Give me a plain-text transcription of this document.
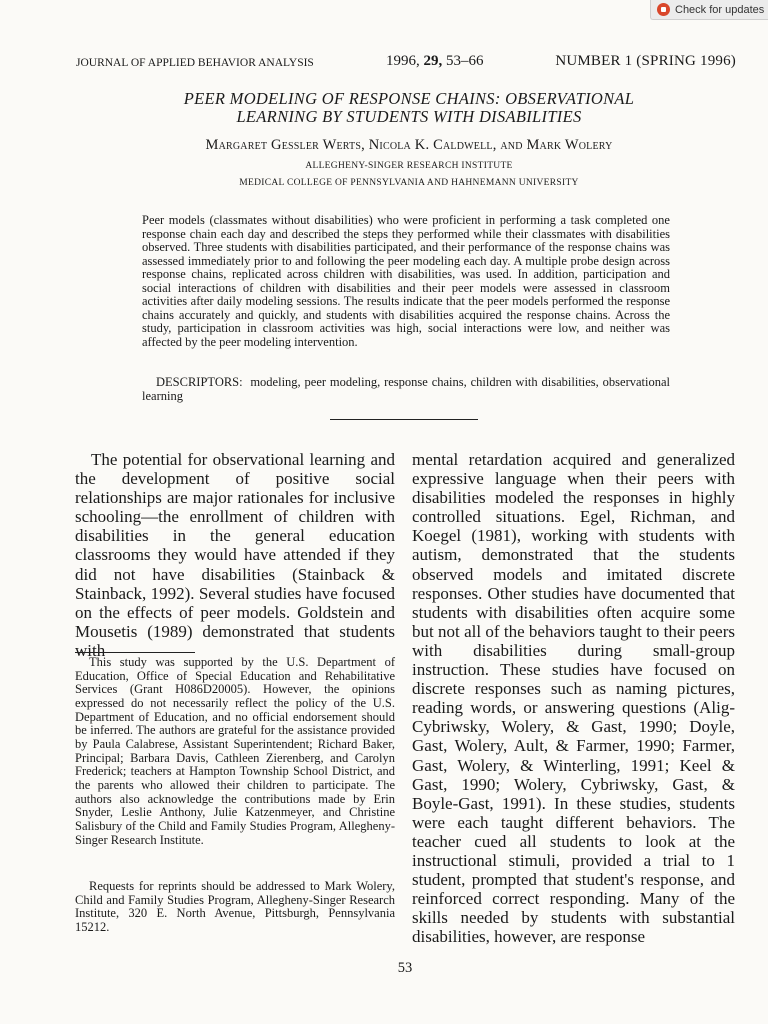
Check for updates
JOURNAL OF APPLIED BEHAVIOR ANALYSIS	1996, 29, 53–66	NUMBER 1 (SPRING 1996)
PEER MODELING OF RESPONSE CHAINS: OBSERVATIONAL
LEARNING BY STUDENTS WITH DISABILITIES
Margaret Gessler Werts, Nicola K. Caldwell, and Mark Wolery
ALLEGHENY-SINGER RESEARCH INSTITUTE
MEDICAL COLLEGE OF PENNSYLVANIA AND HAHNEMANN UNIVERSITY

Peer models (classmates without disabilities) who were proficient in performing a task completed one response chain each day and described the steps they performed while their classmates with disabilities observed. Three students with disabilities participated, and their performance of the response chains was assessed immediately prior to and following the peer modeling each day. A multiple probe design across response chains, replicated across children with disabilities, was used. In addition, participation and social interactions of children with disabilities and their peer models were assessed in classroom activities after daily modeling sessions. The results indicate that the peer models performed the response chains accurately and quickly, and students with disabilities acquired the response chains. Across the study, participation in classroom activities was high, social interactions were low, and neither was affected by the peer modeling intervention.

DESCRIPTORS: modeling, peer modeling, response chains, children with disabilities, observational learning

The potential for observational learning and the development of positive social relationships are major rationales for inclusive schooling—the enrollment of children with disabilities in the general education classrooms they would have attended if they did not have disabilities (Stainback & Stainback, 1992). Several studies have focused on the effects of peer models. Goldstein and Mousetis (1989) demonstrated that students with

mental retardation acquired and generalized expressive language when their peers with disabilities modeled the responses in highly controlled situations. Egel, Richman, and Koegel (1981), working with students with autism, demonstrated that the students observed models and imitated discrete responses. Other studies have documented that students with disabilities often acquire some but not all of the behaviors taught to their peers with disabilities during small-group instruction. These studies have focused on discrete responses such as naming pictures, reading words, or answering questions (Alig-Cybriwsky, Wolery, & Gast, 1990; Doyle, Gast, Wolery, Ault, & Farmer, 1990; Farmer, Gast, Wolery, & Winterling, 1991; Keel & Gast, 1990; Wolery, Cybriwsky, Gast, & Boyle-Gast, 1991). In these studies, students were each taught different behaviors. The teacher cued all students to look at the instructional stimuli, provided a trial to 1 student, prompted that student's response, and reinforced correct responding. Many of the skills needed by students with substantial disabilities, however, are response

This study was supported by the U.S. Department of Education, Office of Special Education and Rehabilitative Services (Grant H086D20005). However, the opinions expressed do not necessarily reflect the policy of the U.S. Department of Education, and no official endorsement should be inferred. The authors are grateful for the assistance provided by Paula Calabrese, Assistant Superintendent; Richard Baker, Principal; Barbara Davis, Cathleen Zierenberg, and Carolyn Frederick; teachers at Hampton Township School District, and the parents who allowed their children to participate. The authors also acknowledge the contributions made by Erin Snyder, Leslie Anthony, Julie Katzenmeyer, and Christine Salisbury of the Child and Family Studies Program, Allegheny-Singer Research Institute.

Requests for reprints should be addressed to Mark Wolery, Child and Family Studies Program, Allegheny-Singer Research Institute, 320 E. North Avenue, Pittsburgh, Pennsylvania 15212.

53
